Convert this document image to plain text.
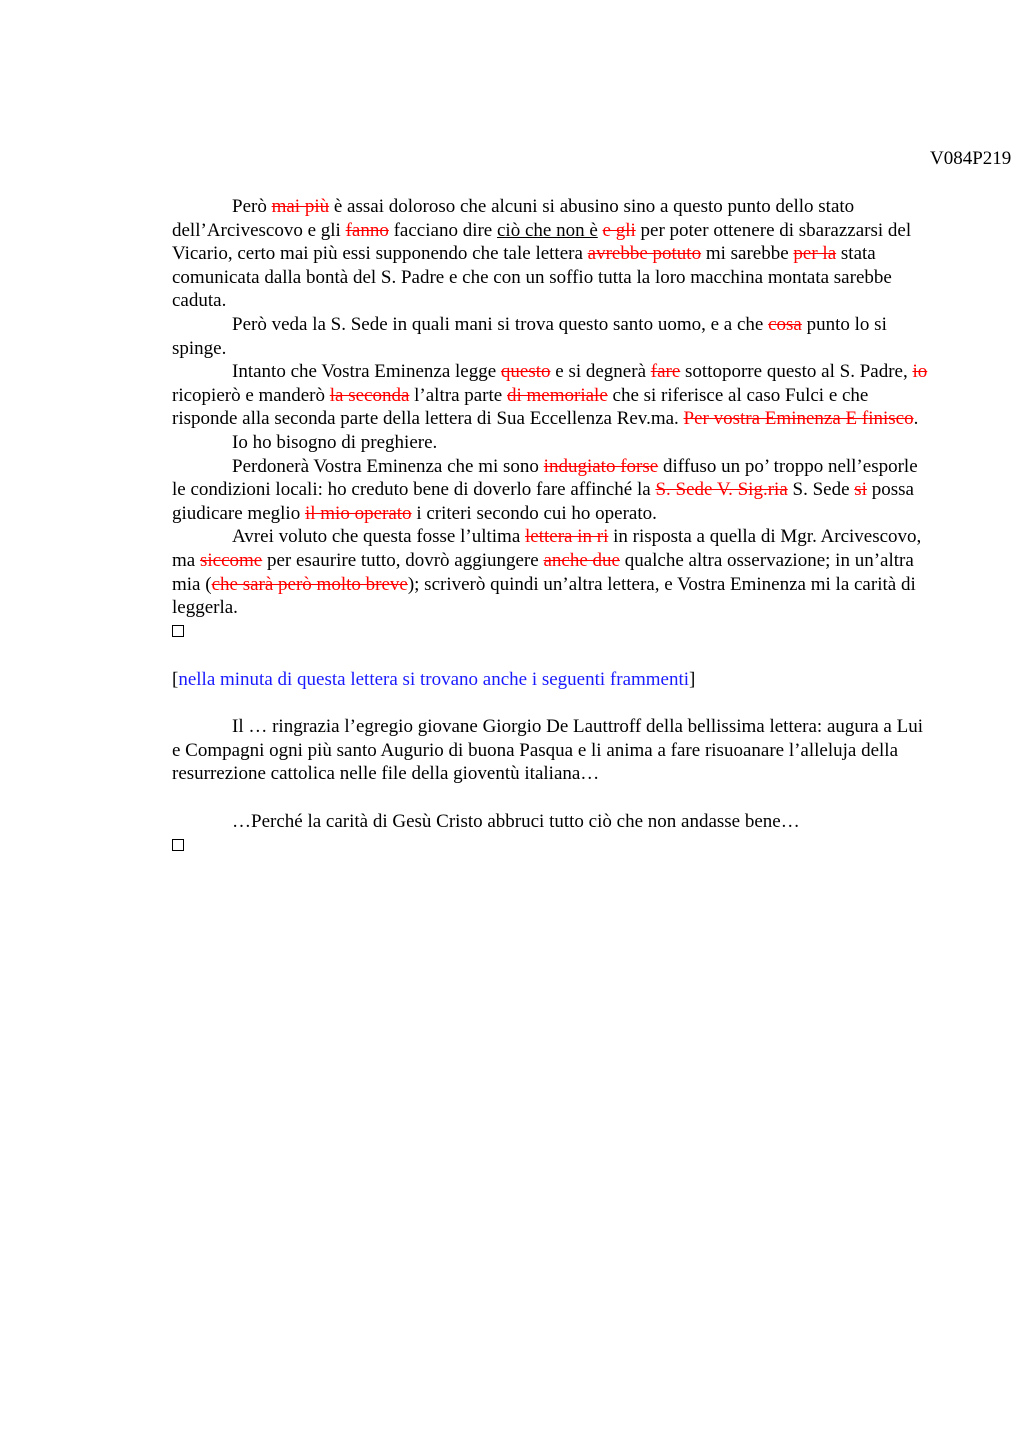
V084P219

Però mai più è assai doloroso che alcuni si abusino sino a questo punto dello stato dell’Arcivescovo e gli fanno facciano dire ciò che non è e gli per poter ottenere di sbarazzarsi del Vicario, certo mai più essi supponendo che tale lettera avrebbe potuto mi sarebbe per la stata comunicata dalla bontà del S. Padre e che con un soffio tutta la loro macchina montata sarebbe caduta.

Però veda la S. Sede in quali mani si trova questo santo uomo, e a che cosa punto lo si spinge.

Intanto che Vostra Eminenza legge questo e si degnerà fare sottoporre questo al S. Padre, io ricopierò e manderò la seconda l’altra parte di memoriale che si riferisce al caso Fulci e che risponde alla seconda parte della lettera di Sua Eccellenza Rev.ma. Per vostra Eminenza E finisco.

Io ho bisogno di preghiere.

Perdonerà Vostra Eminenza che mi sono indugiato forse diffuso un po’ troppo nell’esporle le condizioni locali: ho creduto bene di doverlo fare affinché la S. Sede V. Sig.ria S. Sede si possa giudicare meglio il mio operato i criteri secondo cui ho operato.

Avrei voluto che questa fosse l’ultima lettera in ri in risposta a quella di Mgr. Arcivescovo, ma siccome per esaurire tutto, dovrò aggiungere anche due qualche altra osservazione; in un’altra mia (che sarà però molto breve); scriverò quindi un’altra lettera, e Vostra Eminenza mi la carità di leggerla.

[nella minuta di questa lettera si trovano anche i seguenti frammenti]

Il … ringrazia l’egregio giovane Giorgio De Lauttroff della bellissima lettera: augura a Lui e Compagni ogni più santo Augurio di buona Pasqua e li anima a fare risuoanare l’alleluja della resurrezione cattolica nelle file della gioventù italiana…

…Perché la carità di Gesù Cristo abbruci tutto ciò che non andasse bene…
